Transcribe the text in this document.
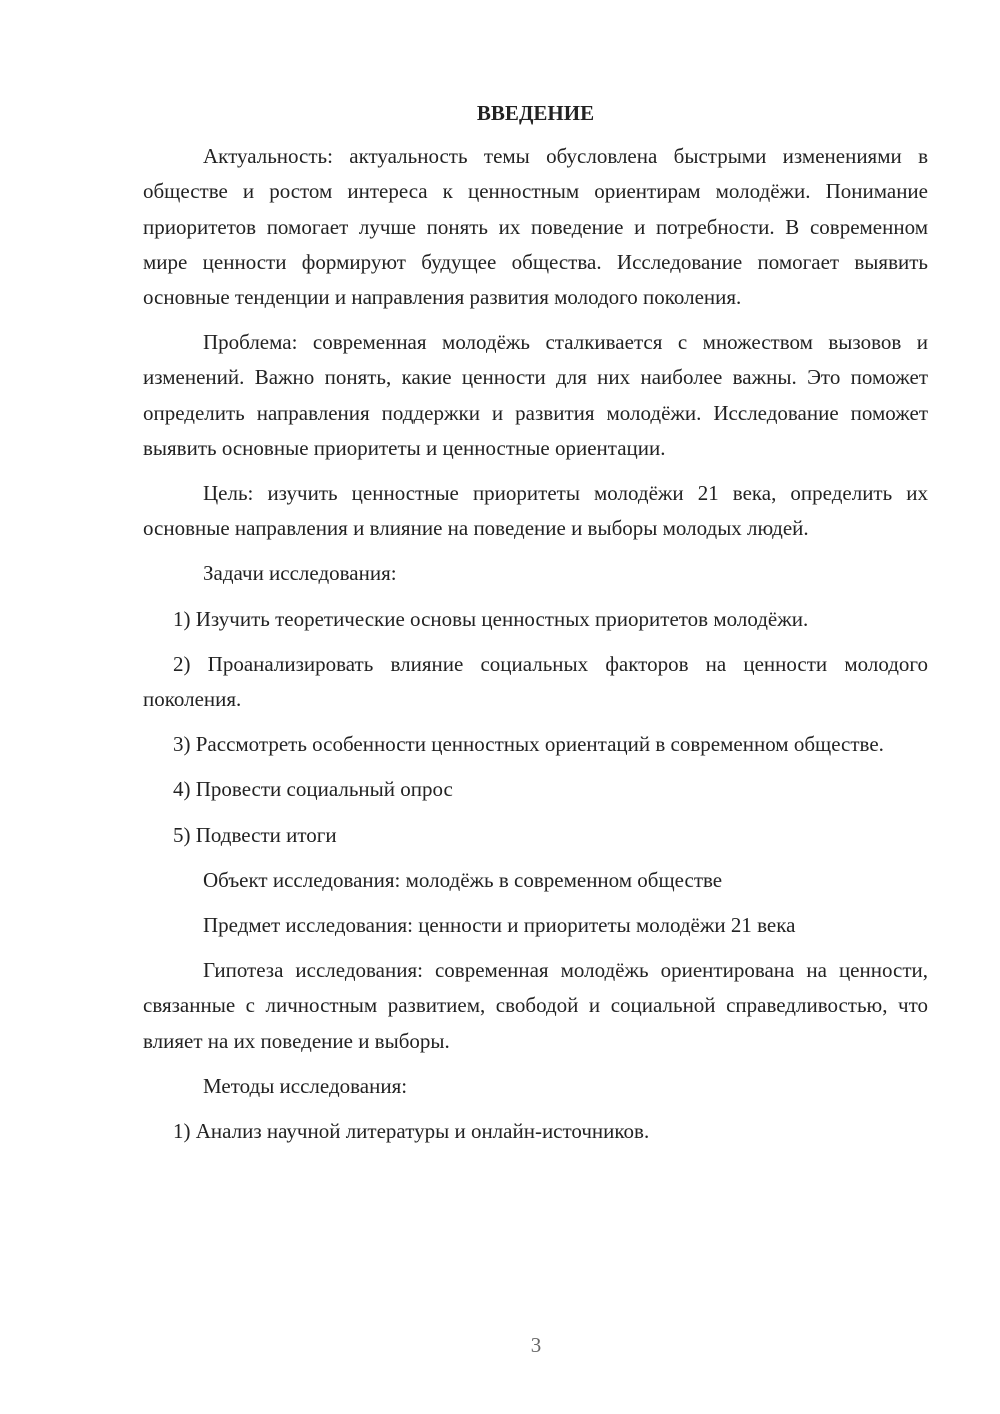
ВВЕДЕНИЕ

Актуальность: актуальность темы обусловлена быстрыми изменениями в обществе и ростом интереса к ценностным ориентирам молодёжи. Понимание приоритетов помогает лучше понять их поведение и потребности. В современном мире ценности формируют будущее общества. Исследование помогает выявить основные тенденции и направления развития молодого поколения.

Проблема: современная молодёжь сталкивается с множеством вызовов и изменений. Важно понять, какие ценности для них наиболее важны. Это поможет определить направления поддержки и развития молодёжи. Исследование поможет выявить основные приоритеты и ценностные ориентации.

Цель: изучить ценностные приоритеты молодёжи 21 века, определить их основные направления и влияние на поведение и выборы молодых людей.

Задачи исследования:

1) Изучить теоретические основы ценностных приоритетов молодёжи.

2) Проанализировать влияние социальных факторов на ценности молодого поколения.

3) Рассмотреть особенности ценностных ориентаций в современном обществе.

4) Провести социальный опрос

5) Подвести итоги

Объект исследования: молодёжь в современном обществе

Предмет исследования: ценности и приоритеты молодёжи 21 века

Гипотеза исследования: современная молодёжь ориентирована на ценности, связанные с личностным развитием, свободой и социальной справедливостью, что влияет на их поведение и выборы.

Методы исследования:

1) Анализ научной литературы и онлайн-источников.

3
